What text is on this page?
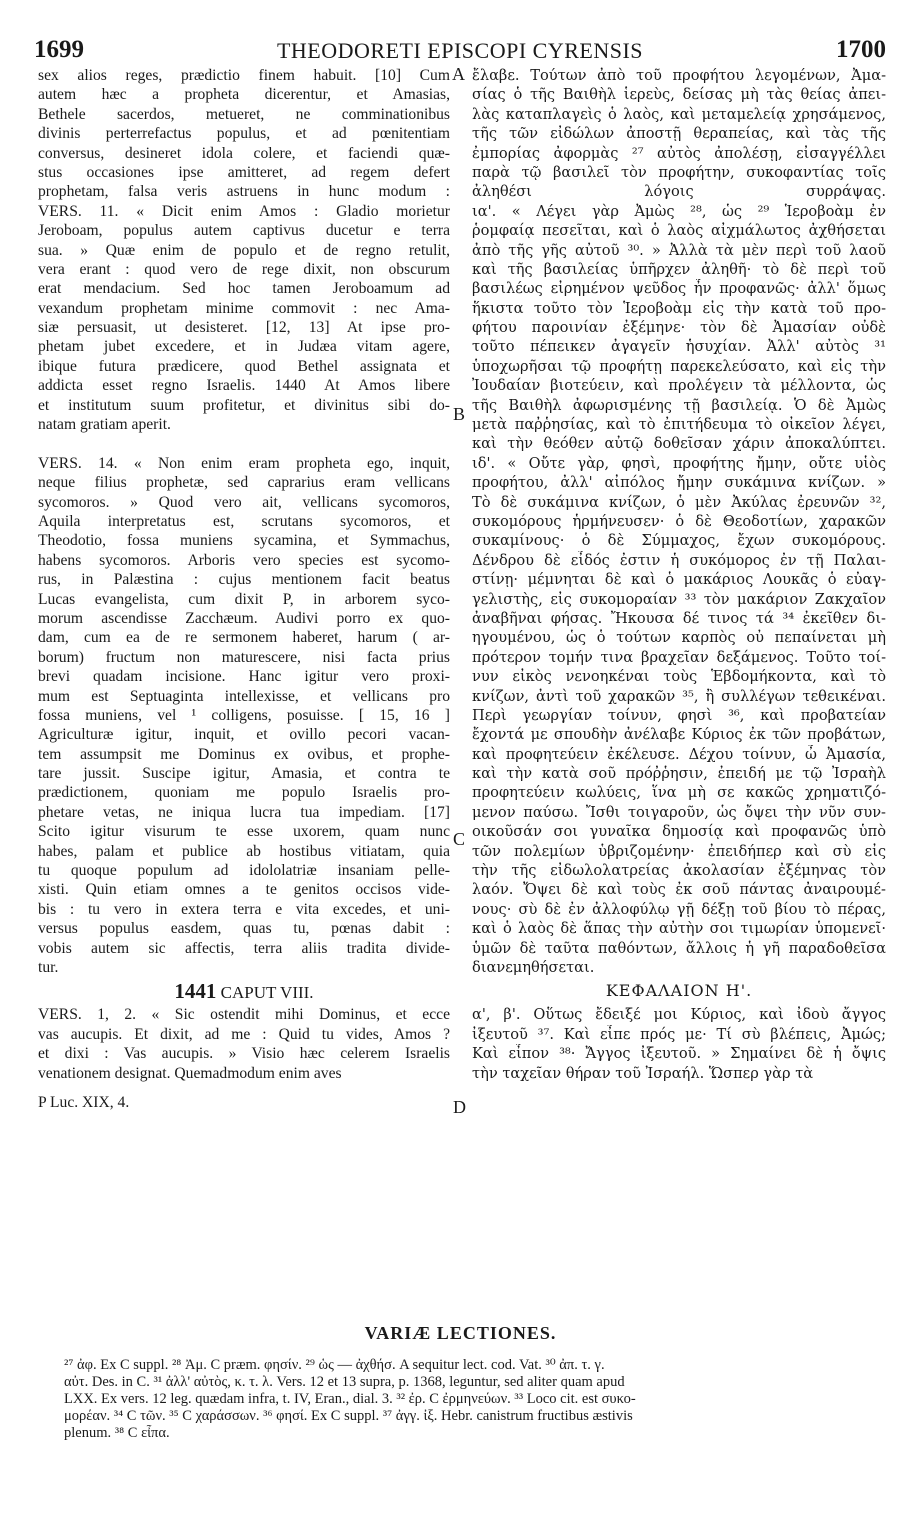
1699	THEODORETI EPISCOPI CYRENSIS	1700
sex alios reges, prædictio finem habuit. [10] Cum
autem hæc a propheta dicerentur, et Amasias,
Bethele sacerdos, metueret, ne comminationibus
divinis perterrefactus populus, et ad pœnitentiam
conversus, desineret idola colere, et faciendi quæ-
stus occasiones ipse amitteret, ad regem defert
prophetam, falsa veris astruens in hunc modum :
VERS. 11. « Dicit enim Amos : Gladio morietur
Jeroboam, populus autem captivus ducetur e terra
sua. » Quæ enim de populo et de regno retulit,
vera erant : quod vero de rege dixit, non obscurum
erat mendacium. Sed hoc tamen Jeroboamum ad
vexandum prophetam minime commovit : nec Ama-
siæ persuasit, ut desisteret. [12, 13] At ipse pro-
phetam jubet excedere, et in Judæa vitam agere,
ibique futura prædicere, quod Bethel assignata et
addicta esset regno Israelis. 1440 At Amos libere
et institutum suum profitetur, et divinitus sibi do-
natam gratiam aperit.
VERS. 14. « Non enim eram propheta ego, inquit,
neque filius prophetæ, sed caprarius eram vellicans
sycomoros. » Quod vero ait, vellicans sycomoros,
Aquila interpretatus est, scrutans sycomoros, et
Theodotio, fossa muniens sycamina, et Symmachus,
habens sycomoros. Arboris vero species est sycomo-
rus, in Palæstina : cujus mentionem facit beatus
Lucas evangelista, cum dixit P, in arborem syco-
morum ascendisse Zacchæum. Audivi porro ex quo-
dam, cum ea de re sermonem haberet, harum ( ar-
borum) fructum non maturescere, nisi facta prius
brevi quadam incisione. Hanc igitur vero proxi-
mum est Septuaginta intellexisse, et vellicans pro
fossa muniens, vel ¹ colligens, posuisse. [ 15, 16 ]
Agriculturæ igitur, inquit, et ovillo pecori vacan-
tem assumpsit me Dominus ex ovibus, et prophe-
tare jussit. Suscipe igitur, Amasia, et contra te
prædictionem, quoniam me populo Israelis pro-
phetare vetas, ne iniqua lucra tua impediam. [17]
Scito igitur visurum te esse uxorem, quam nunc
habes, palam et publice ab hostibus vitiatam, quia
tu quoque populum ad idololatriæ insaniam pelle-
xisti. Quin etiam omnes a te genitos occisos vide-
bis : tu vero in extera terra e vita excedes, et uni-
versus populus easdem, quas tu, pœnas dabit :
vobis autem sic affectis, terra aliis tradita divide-
tur.
1441 CAPUT VIII.
VERS. 1, 2. « Sic ostendit mihi Dominus, et ecce
vas aucupis. Et dixit, ad me : Quid tu vides, Amos ?
et dixi : Vas aucupis. » Visio hæc celerem Israelis
venationem designat. Quemadmodum enim aves
P Luc. XIX, 4.
A
B
C
D
ἔλαβε. Τούτων ἀπὸ τοῦ προφήτου λεγομένων, Ἀμα-
σίας ὁ τῆς Βαιθὴλ ἱερεὺς, δείσας μὴ τὰς θείας ἀπει-
λὰς καταπλαγεὶς ὁ λαὸς, καὶ μεταμελείᾳ χρησάμενος,
τῆς τῶν εἰδώλων ἀποστῇ θεραπείας, καὶ τὰς τῆς
ἐμπορίας ἀφορμὰς ²⁷ αὐτὸς ἀπολέσῃ, εἰσαγγέλλει
παρὰ τῷ βασιλεῖ τὸν προφήτην, συκοφαντίας τοῖς
ἀληθέσι λόγοις συρράψας.
ια'. « Λέγει γὰρ Ἀμὼς ²⁸, ὡς ²⁹ Ἱεροβοὰμ ἐν
ῥομφαίᾳ πεσεῖται, καὶ ὁ λαὸς αἰχμάλωτος ἀχθήσεται
ἀπὸ τῆς γῆς αὐτοῦ ³⁰. » Ἀλλὰ τὰ μὲν περὶ τοῦ λαοῦ
καὶ τῆς βασιλείας ὑπῆρχεν ἀληθῆ· τὸ δὲ περὶ τοῦ
βασιλέως εἰρημένον ψεῦδος ἦν προφανῶς· ἀλλ' ὅμως
ἥκιστα τοῦτο τὸν Ἱεροβοὰμ εἰς τὴν κατὰ τοῦ προ-
φήτου παροινίαν ἐξέμηνε· τὸν δὲ Ἀμασίαν οὐδὲ
τοῦτο πέπεικεν ἀγαγεῖν ἡσυχίαν. Ἀλλ' αὐτὸς ³¹
ὑποχωρῆσαι τῷ προφήτῃ παρεκελεύσατο, καὶ εἰς τὴν
Ἰουδαίαν βιοτεύειν, καὶ προλέγειν τὰ μέλλοντα, ὡς
τῆς Βαιθὴλ ἀφωρισμένης τῇ βασιλείᾳ. Ὁ δὲ Ἀμὼς
μετὰ παῤῥησίας, καὶ τὸ ἐπιτήδευμα τὸ οἰκεῖον λέγει,
καὶ τὴν θεόθεν αὐτῷ δοθεῖσαν χάριν ἀποκαλύπτει.
ιδ'. « Οὔτε γὰρ, φησὶ, προφήτης ἤμην, οὔτε υἱὸς
προφήτου, ἀλλ' αἰπόλος ἤμην συκάμινα κνίζων. »
Τὸ δὲ συκάμινα κνίζων, ὁ μὲν Ἀκύλας ἐρευνῶν ³²,
συκομόρους ἡρμήνευσεν· ὁ δὲ Θεοδοτίων, χαρακῶν
συκαμίνους· ὁ δὲ Σύμμαχος, ἔχων συκομόρους.
Δένδρου δὲ εἶδός ἐστιν ἡ συκόμορος ἐν τῇ Παλαι-
στίνῃ· μέμνηται δὲ καὶ ὁ μακάριος Λουκᾶς ὁ εὐαγ-
γελιστὴς, εἰς συκομοραίαν ³³ τὸν μακάριον Ζακχαῖον
ἀναβῆναι φήσας. Ἤκουσα δέ τινος τά ³⁴ ἐκεῖθεν δι-
ηγουμένου, ὡς ὁ τούτων καρπὸς οὐ πεπαίνεται μὴ
πρότερον τομήν τινα βραχεῖαν δεξάμενος. Τοῦτο τοί-
νυν εἰκὸς νενοηκέναι τοὺς Ἑβδομήκοντα, καὶ τὸ
κνίζων, ἀντὶ τοῦ χαρακῶν ³⁵, ἢ συλλέγων τεθεικέναι.
Περὶ γεωργίαν τοίνυν, φησὶ ³⁶, καὶ προβατείαν
ἔχοντά με σπουδὴν ἀνέλαβε Κύριος ἐκ τῶν προβάτων,
καὶ προφητεύειν ἐκέλευσε. Δέχου τοίνυν, ὦ Ἀμασία,
καὶ τὴν κατὰ σοῦ πρόῤῥησιν, ἐπειδή με τῷ Ἰσραὴλ
προφητεύειν κωλύεις, ἵνα μὴ σε κακῶς χρηματιζό-
μενον παύσω. Ἴσθι τοιγαροῦν, ὡς ὄψει τὴν νῦν συν-
οικοῦσάν σοι γυναῖκα δημοσίᾳ καὶ προφανῶς ὑπὸ
τῶν πολεμίων ὑβριζομένην· ἐπειδήπερ καὶ σὺ εἰς
τὴν τῆς εἰδωλολατρείας ἀκολασίαν ἐξέμηνας τὸν
λαόν. Ὄψει δὲ καὶ τοὺς ἐκ σοῦ πάντας ἀναιρουμέ-
νους· σὺ δὲ ἐν ἀλλοφύλῳ γῇ δέξῃ τοῦ βίου τὸ πέρας,
καὶ ὁ λαὸς δὲ ἅπας τὴν αὐτὴν σοι τιμωρίαν ὑπομενεῖ·
ὑμῶν δὲ ταῦτα παθόντων, ἄλλοις ἡ γῆ παραδοθεῖσα
διανεμηθήσεται.
ΚΕΦΑΛΑΙΟΝ Η'.
α', β'. Οὕτως ἔδειξέ μοι Κύριος, καὶ ἰδοὺ ἄγγος
ἰξευτοῦ ³⁷. Καὶ εἶπε πρός με· Τί σὺ βλέπεις, Ἀμώς;
Καὶ εἶπον ³⁸· Ἄγγος ἰξευτοῦ. » Σημαίνει δὲ ἡ ὄψις
τὴν ταχεῖαν θήραν τοῦ Ἰσραήλ. Ὥσπερ γὰρ τὰ
VARIÆ LECTIONES.
²⁷ ἀφ. Ex C suppl. ²⁸ Ἀμ. C præm. φησίν. ²⁹ ὡς — ἀχθήσ. A sequitur lect. cod. Vat. ³⁰ ἀπ. τ. γ.
αὐτ. Des. in C. ³¹ ἀλλ' αὐτὸς, κ. τ. λ. Vers. 12 et 13 supra, p. 1368, leguntur, sed aliter quam apud
LXX. Ex vers. 12 leg. quædam infra, t. IV, Eran., dial. 3. ³² ἐρ. C ἐρμηνεύων. ³³ Loco cit. est συκο-
μορέαν. ³⁴ C τῶν. ³⁵ C χαράσσων. ³⁶ φησί. Ex C suppl. ³⁷ ἀγγ. ἰξ. Hebr. canistrum fructibus æstivis
plenum. ³⁸ C εἶπα.
